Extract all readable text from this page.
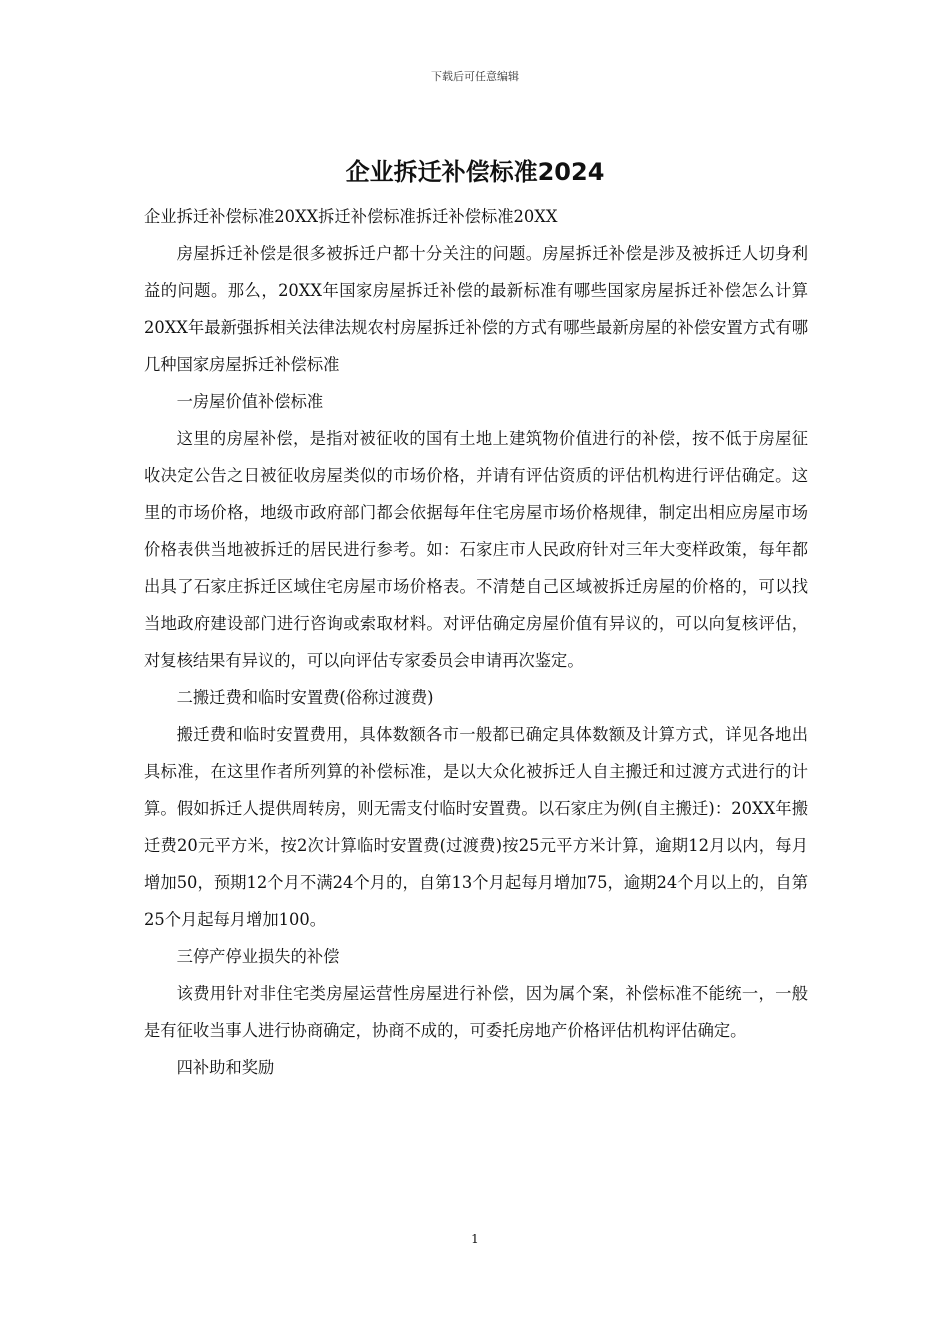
下载后可任意编辑
企业拆迁补偿标准2024

企业拆迁补偿标准20XX拆迁补偿标准拆迁补偿标准20XX

房屋拆迁补偿是很多被拆迁户都十分关注的问题。房屋拆迁补偿是涉及被拆迁人切身利益的问题。那么，20XX年国家房屋拆迁补偿的最新标准有哪些国家房屋拆迁补偿怎么计算20XX年最新强拆相关法律法规农村房屋拆迁补偿的方式有哪些最新房屋的补偿安置方式有哪几种国家房屋拆迁补偿标准

一房屋价值补偿标准

这里的房屋补偿，是指对被征收的国有土地上建筑物价值进行的补偿，按不低于房屋征收决定公告之日被征收房屋类似的市场价格，并请有评估资质的评估机构进行评估确定。这里的市场价格，地级市政府部门都会依据每年住宅房屋市场价格规律，制定出相应房屋市场价格表供当地被拆迁的居民进行参考。如：石家庄市人民政府针对三年大变样政策，每年都出具了石家庄拆迁区域住宅房屋市场价格表。不清楚自己区域被拆迁房屋的价格的，可以找当地政府建设部门进行咨询或索取材料。对评估确定房屋价值有异议的，可以向复核评估，对复核结果有异议的，可以向评估专家委员会申请再次鉴定。

二搬迁费和临时安置费(俗称过渡费)

搬迁费和临时安置费用，具体数额各市一般都已确定具体数额及计算方式，详见各地出具标准，在这里作者所列算的补偿标准，是以大众化被拆迁人自主搬迁和过渡方式进行的计算。假如拆迁人提供周转房，则无需支付临时安置费。以石家庄为例(自主搬迁)：20XX年搬迁费20元平方米，按2次计算临时安置费(过渡费)按25元平方米计算，逾期12月以内，每月增加50，预期12个月不满24个月的，自第13个月起每月增加75，逾期24个月以上的，自第25个月起每月增加100。

三停产停业损失的补偿

该费用针对非住宅类房屋运营性房屋进行补偿，因为属个案，补偿标准不能统一，一般是有征收当事人进行协商确定，协商不成的，可委托房地产价格评估机构评估确定。

四补助和奖励

1
